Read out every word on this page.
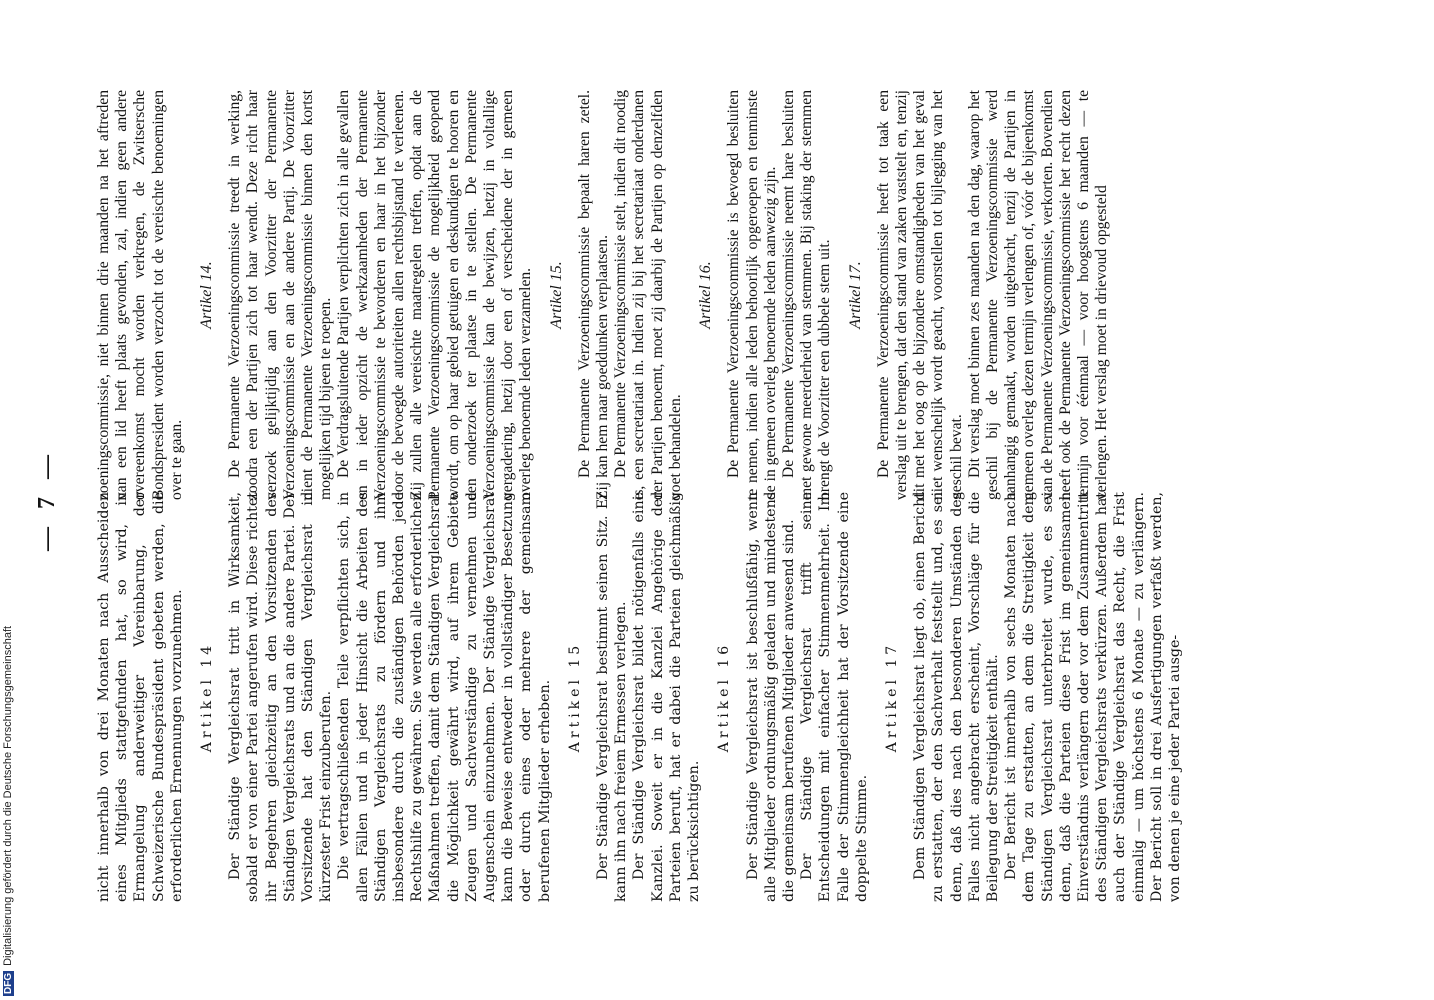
— 7 —	nicht innerhalb von drei Monaten nach Ausscheiden eines Mitglieds stattgefunden hat, so wird, in Ermangelung anderweitiger Vereinbarung, der Schweizerische Bundespräsident gebeten werden, die erforderlichen Ernennungen vorzunehmen. Artikel 14 Der Ständige Vergleichsrat tritt in Wirksamkeit, sobald er von einer Partei angerufen wird. Diese richtet ihr Begehren gleichzeitig an den Vorsitzenden des Ständigen Vergleichsrats und an die andere Partei. Der Vorsitzende hat den Ständigen Vergleichsrat in kürzester Frist einzuberufen. Die vertragschließenden Teile verpflichten sich, in allen Fällen und in jeder Hinsicht die Arbeiten des Ständigen Vergleichsrats zu fördern und ihm insbesondere durch die zuständigen Behörden jede Rechtshilfe zu gewähren. Sie werden alle erforderlichen Maßnahmen treffen, damit dem Ständigen Vergleichsrat die Möglichkeit gewährt wird, auf ihrem Gebiete Zeugen und Sachverständige zu vernehmen und Augenschein einzunehmen. Der Ständige Vergleichsrat kann die Beweise entweder in vollständiger Besetzung oder durch eines oder mehrere der gemeinsam berufenen Mitglieder erheben. Artikel 15 Der Ständige Vergleichsrat bestimmt seinen Sitz. Er kann ihn nach freiem Ermessen verlegen. Der Ständige Vergleichsrat bildet nötigenfalls eine Kanzlei. Soweit er in die Kanzlei Angehörige der Parteien beruft, hat er dabei die Parteien gleichmäßig zu berücksichtigen.

Artikel 16 Der Ständige Vergleichsrat ist beschlußfähig, wenn alle Mitglieder ordnungsmäßig geladen und mindestens die gemeinsam berufenen Mitglieder anwesend sind. Der Ständige Vergleichsrat trifft seine Entscheidungen mit einfacher Stimmenmehrheit. Im Falle der Stimmengleichheit hat der Vorsitzende eine doppelte Stimme.

Artikel 17 Dem Ständigen Vergleichsrat liegt ob, einen Bericht zu erstatten, der den Sachverhalt feststellt und, es sei denn, daß dies nach den besonderen Umständen des Falles nicht angebracht erscheint, Vorschläge für die Beilegung der Streitigkeit enthält. Der Bericht ist innerhalb von sechs Monaten nach dem Tage zu erstatten, an dem die Streitigkeit dem Ständigen Vergleichsrat unterbreitet wurde, es sei denn, daß die Parteien diese Frist im gemeinsamen Einverständnis verlängern oder vor dem Zusammentritt des Ständigen Vergleichsrats verkürzen. Außerdem hat auch der Ständige Vergleichsrat das Recht, die Frist einmalig — um höchstens 6 Monate — zu verlängern. Der Bericht soll in drei Ausfertigungen verfaßt werden, von denen je eine jeder Partei ausge-

zoeningscommissie, niet binnen drie maanden na het aftreden van een lid heeft plaats gevonden, zal, indien geen andere overeenkomst mocht worden verkregen, de Zwitsersche Bondspresident worden verzocht tot de vereischte benoemingen over te gaan.

Artikel 14. De Permanente Verzoeningscommissie treedt in werking, zoodra een der Partijen zich tot haar wendt. Deze richt haar verzoek gelijktijdig aan den Voorzitter der Permanente Verzoeningscommissie en aan de andere Partij. De Voorzitter dient de Permanente Verzoeningscommissie binnen den kortst mogelijken tijd bijeen te roepen. De Verdragsluitende Partijen verplichten zich in alle gevallen en in ieder opzicht de werkzaamheden der Permanente Verzoeningscommissie te bevorderen en haar in het bijzonder door de bevoegde autoriteiten allen rechtsbijstand te verleenen. Zij zullen alle vereischte maatregelen treffen, opdat aan de Permanente Verzoeningscommissie de mogelijkheid geopend wordt, om op haar gebied getuigen en deskundigen te hooren en een onderzoek ter plaatse in te stellen. De Permanente Verzoeningscommissie kan de bewijzen, hetzij in voltallige vergadering, hetzij door een of verscheidene der in gemeen overleg benoemde leden verzamelen. Artikel 15. De Permanente Verzoeningscommissie bepaalt haren zetel. Zij kan hem naar goeddunken verplaatsen. De Permanente Verzoeningscommissie stelt, indien dit noodig is, een secretariaat in. Indien zij bij het secretariaat onderdanen der Partijen benoemt, moet zij daarbij de Partijen op denzelfden voet behandelen.

Artikel 16. De Permanente Verzoeningscommissie is bevoegd besluiten te nemen, indien alle leden behoorlijk opgeroepen en tenminste de in gemeen overleg benoemde leden aanwezig zijn. De Permanente Verzoeningscommissie neemt hare besluiten met gewone meerderheid van stemmen. Bij staking der stemmen brengt de Voorzitter een dubbele stem uit. Artikel 17. De Permanente Verzoeningscommissie heeft tot taak een verslag uit te brengen, dat den stand van zaken vaststelt en, tenzij dit met het oog op de bijzondere omstandigheden van het geval niet wenschelijk wordt geacht, voorstellen tot bijlegging van het geschil bevat. Dit verslag moet binnen zes maanden na den dag, waarop het geschil bij de Permanente Verzoeningscommissie werd aanhangig gemaakt, worden uitgebracht, tenzij de Partijen in gemeen overleg dezen termijn verlengen of, vóór de bijeenkomst van de Permanente Verzoeningscommissie, verkorten. Bovendien heeft ook de Permanente Verzoeningscommissie het recht dezen termijn voor éénmaal — voor hoogstens 6 maanden — te verlengen. Het verslag moet in drievoud opgesteld

DFGDigitalisierung gefördert durch die Deutsche Forschungsgemeinschaft
